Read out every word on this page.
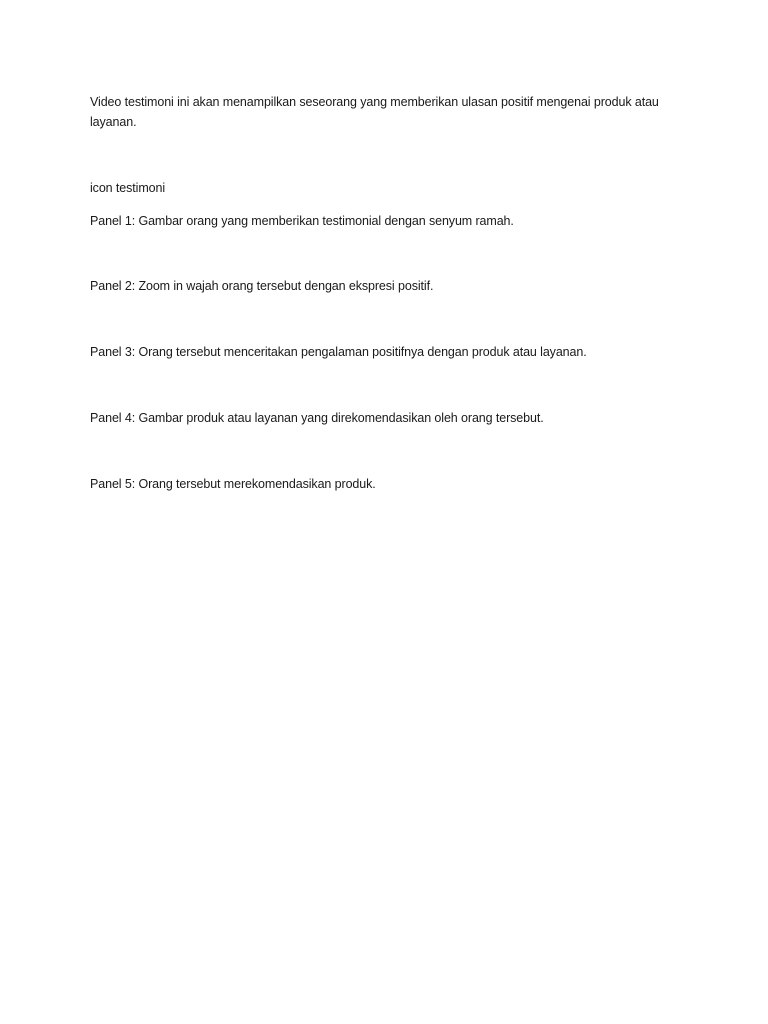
Video testimoni ini akan menampilkan seseorang yang memberikan ulasan positif mengenai produk atau layanan.

icon testimoni

Panel 1: Gambar orang yang memberikan testimonial dengan senyum ramah.

Panel 2: Zoom in wajah orang tersebut dengan ekspresi positif.

Panel 3: Orang tersebut menceritakan pengalaman positifnya dengan produk atau layanan.

Panel 4: Gambar produk atau layanan yang direkomendasikan oleh orang tersebut.

Panel 5: Orang tersebut merekomendasikan produk.
